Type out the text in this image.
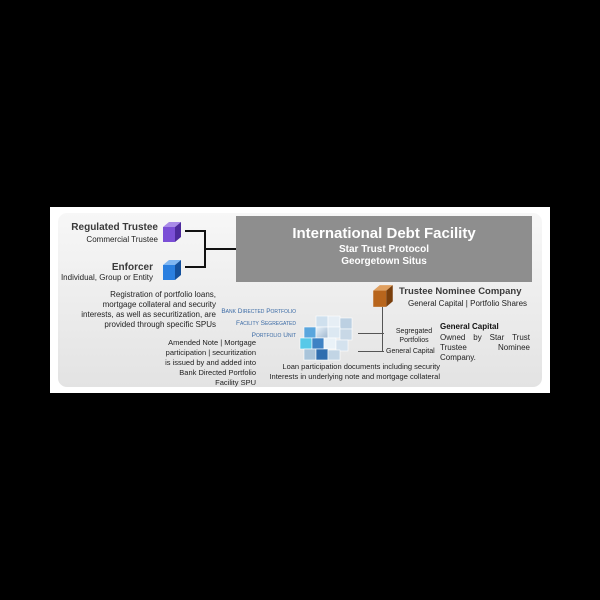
Regulated Trustee
Commercial Trustee
Enforcer
Individual, Group or Entity
International Debt Facility
Star Trust Protocol
Georgetown Situs
Registration of portfolio loans,
mortgage collateral and security
interests, as well as securitization, are
provided through specific SPUs
Trustee Nominee Company
General Capital | Portfolio Shares
Bank Directed Portfolio
Facility Segregated
Portfolio Unit
Segregated
Portfolios
General Capital
General Capital
Owned by Star Trust
Trustee Nominee
Company.
Amended Note | Mortgage
participation | securitization
is issued by and added into
Bank Directed Portfolio
Facility SPU
Loan participation documents including security
Interests in underlying note and mortgage collateral
